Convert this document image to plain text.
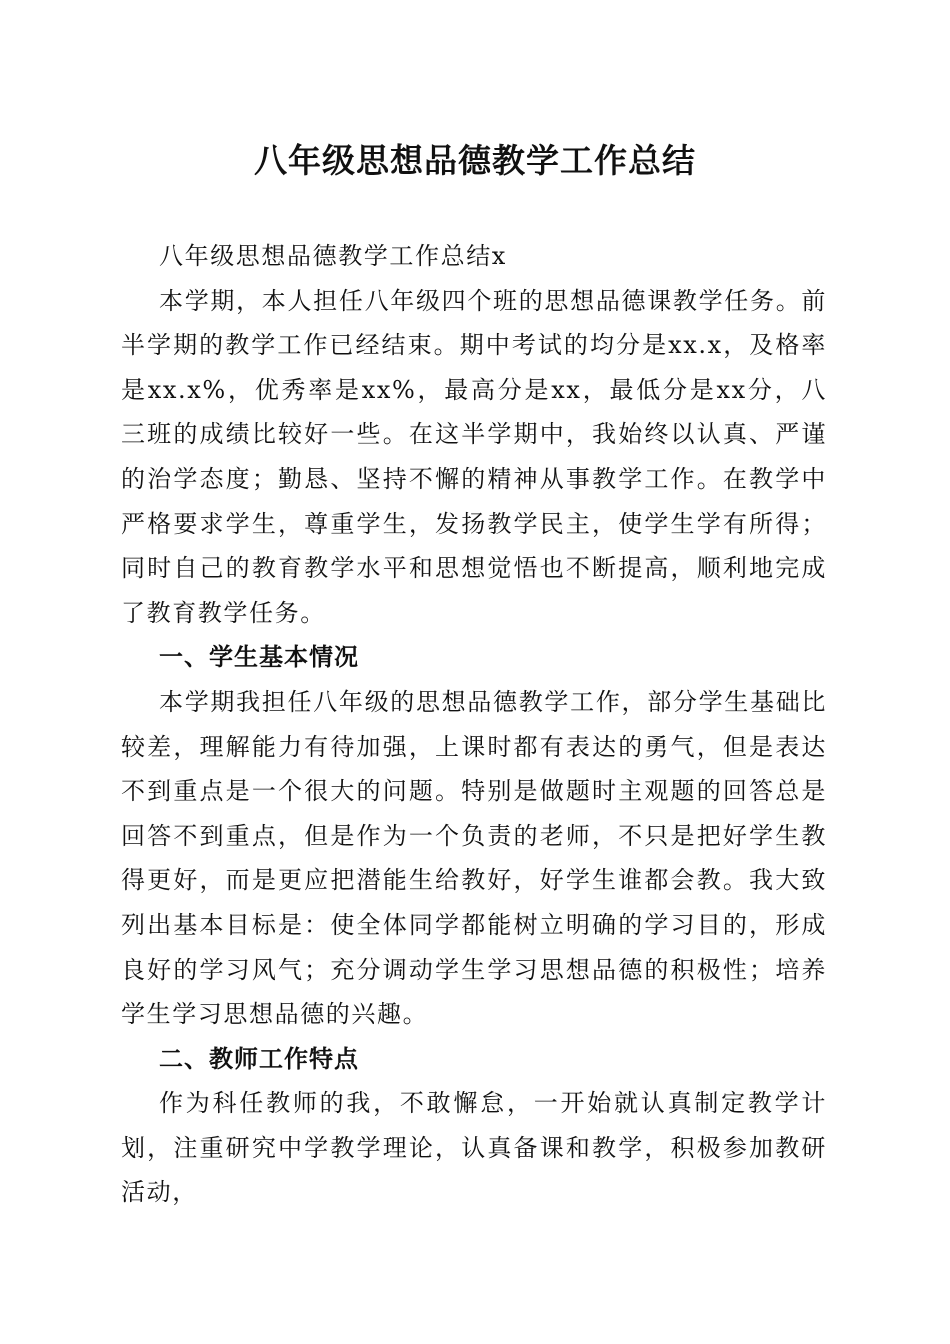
八年级思想品德教学工作总结

八年级思想品德教学工作总结x

本学期，本人担任八年级四个班的思想品德课教学任务。前半学期的教学工作已经结束。期中考试的均分是xx.x，及格率是xx.x%，优秀率是xx%，最高分是xx，最低分是xx分，八三班的成绩比较好一些。在这半学期中，我始终以认真、严谨的治学态度；勤恳、坚持不懈的精神从事教学工作。在教学中严格要求学生，尊重学生，发扬教学民主，使学生学有所得；同时自己的教育教学水平和思想觉悟也不断提高，顺利地完成了教育教学任务。

一、学生基本情况

本学期我担任八年级的思想品德教学工作，部分学生基础比较差，理解能力有待加强，上课时都有表达的勇气，但是表达不到重点是一个很大的问题。特别是做题时主观题的回答总是回答不到重点，但是作为一个负责的老师，不只是把好学生教得更好，而是更应把潜能生给教好，好学生谁都会教。我大致列出基本目标是：使全体同学都能树立明确的学习目的，形成良好的学习风气；充分调动学生学习思想品德的积极性；培养学生学习思想品德的兴趣。

二、教师工作特点

作为科任教师的我，不敢懈怠，一开始就认真制定教学计划，注重研究中学教学理论，认真备课和教学，积极参加教研活动，
